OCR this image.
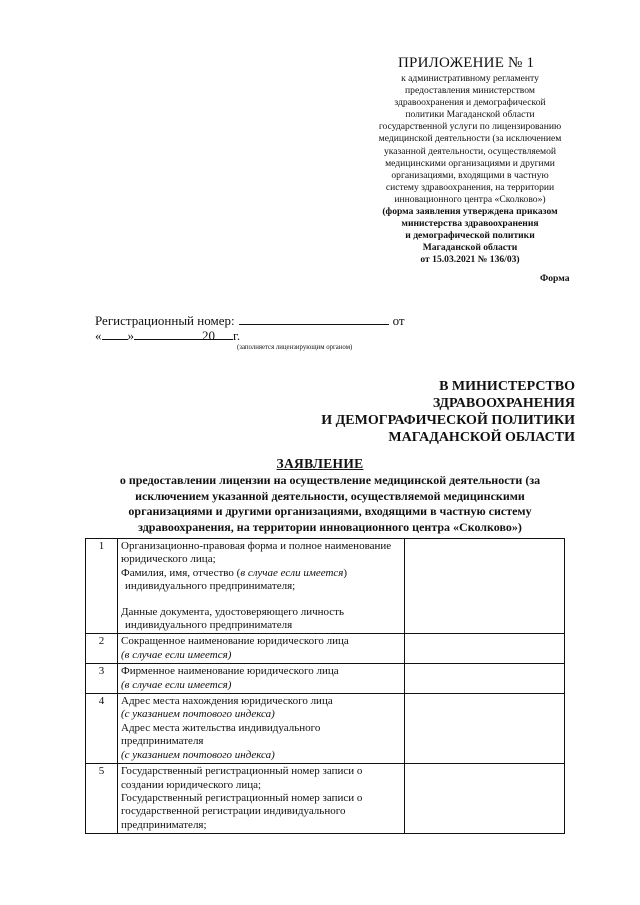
ПРИЛОЖЕНИЕ № 1
к административному регламенту
предоставления министерством
здравоохранения и демографической
политики Магаданской области
государственной услуги по лицензированию
медицинской деятельности (за исключением
указанной деятельности, осуществляемой
медицинскими организациями и другими
организациями, входящими в частную
систему здравоохранения, на территории
инновационного центра «Сколково»)
(форма заявления утверждена приказом
министерства здравоохранения
и демографической политики
Магаданской области
от 15.03.2021 № 136/03)
Форма
Регистрационный номер:	от
« »	20 г.
(заполняется лицензирующим органом)
В МИНИСТЕРСТВО ЗДРАВООХРАНЕНИЯ
И ДЕМОГРАФИЧЕСКОЙ ПОЛИТИКИ
МАГАДАНСКОЙ ОБЛАСТИ
ЗАЯВЛЕНИЕ
о предоставлении лицензии на осуществление медицинской деятельности (за исключением указанной деятельности, осуществляемой медицинскими организациями и другими организациями, входящими в частную систему здравоохранения, на территории инновационного центра «Сколково»)
1	Организационно-правовая форма и полное наименование юридического лица;
Фамилия, имя, отчество (в случае если имеется)
индивидуального предпринимателя;
Данные документа, удостоверяющего личность

индивидуального предпринимателя	

2	Сокращенное наименование юридического лица
(в случае если имеется)	
3	Фирменное наименование юридического лица
(в случае если имеется)	
4	Адрес места нахождения юридического лица
(с указанием почтового индекса)
Адрес места жительства индивидуального предпринимателя
(с указанием почтового индекса)	
5	Государственный регистрационный номер записи о создании юридического лица;
Государственный регистрационный номер записи о государственной регистрации индивидуального предпринимателя;	
